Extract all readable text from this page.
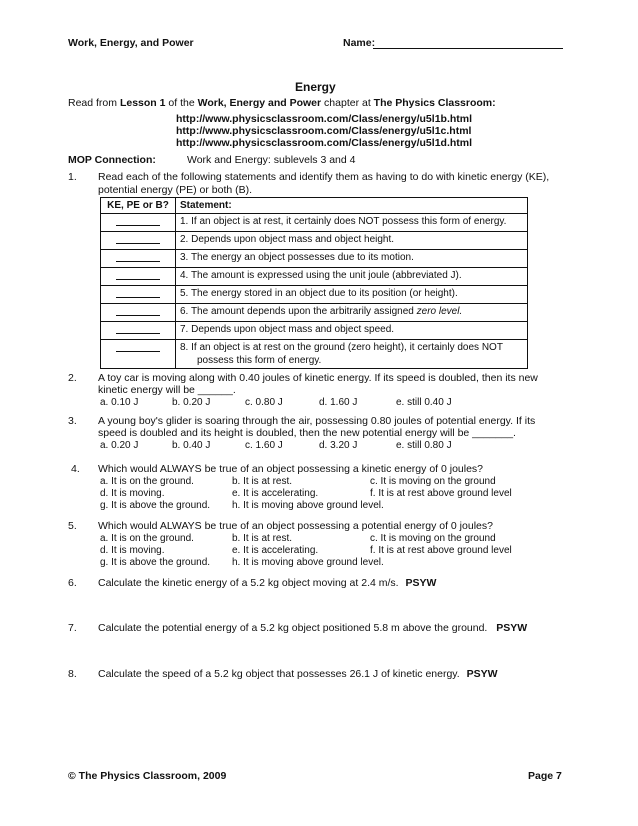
Work, Energy, and Power	Name:
Energy
Read from Lesson 1 of the Work, Energy and Power chapter at The Physics Classroom:
http://www.physicsclassroom.com/Class/energy/u5l1b.html
http://www.physicsclassroom.com/Class/energy/u5l1c.html
http://www.physicsclassroom.com/Class/energy/u5l1d.html
MOP Connection:	Work and Energy: sublevels 3 and 4
1. Read each of the following statements and identify them as having to do with kinetic energy (KE),
potential energy (PE) or both (B).
KE, PE or B?	Statement:
	1. If an object is at rest, it certainly does NOT possess this form of energy.
	2. Depends upon object mass and object height.
	3. The energy an object possesses due to its motion.
	4. The amount is expressed using the unit joule (abbreviated J).
	5. The energy stored in an object due to its position (or height).
	6. The amount depends upon the arbitrarily assigned zero level.
	7. Depends upon object mass and object speed.
	8. If an object is at rest on the ground (zero height), it certainly does NOT
possess this form of energy.
2. A toy car is moving along with 0.40 joules of kinetic energy. If its speed is doubled, then its new
kinetic energy will be ______.
a. 0.10 J	b. 0.20 J	c. 0.80 J	d. 1.60 J	e. still 0.40 J
3. A young boy's glider is soaring through the air, possessing 0.80 joules of potential energy. If its
speed is doubled and its height is doubled, then the new potential energy will be _______.
a. 0.20 J	b. 0.40 J	c. 1.60 J	d. 3.20 J	e. still 0.80 J
4. Which would ALWAYS be true of an object possessing a kinetic energy of 0 joules?
a. It is on the ground.	b. It is at rest.	c. It is moving on the ground
d. It is moving.	e. It is accelerating.	f. It is at rest above ground level
g. It is above the ground. h. It is moving above ground level.
5. Which would ALWAYS be true of an object possessing a potential energy of 0 joules?
a. It is on the ground.	b. It is at rest.	c. It is moving on the ground
d. It is moving.	e. It is accelerating.	f. It is at rest above ground level
g. It is above the ground. h. It is moving above ground level.
6. Calculate the kinetic energy of a 5.2 kg object moving at 2.4 m/s. PSYW
7. Calculate the potential energy of a 5.2 kg object positioned 5.8 m above the ground. PSYW
8. Calculate the speed of a 5.2 kg object that possesses 26.1 J of kinetic energy. PSYW
© The Physics Classroom, 2009	Page 7
